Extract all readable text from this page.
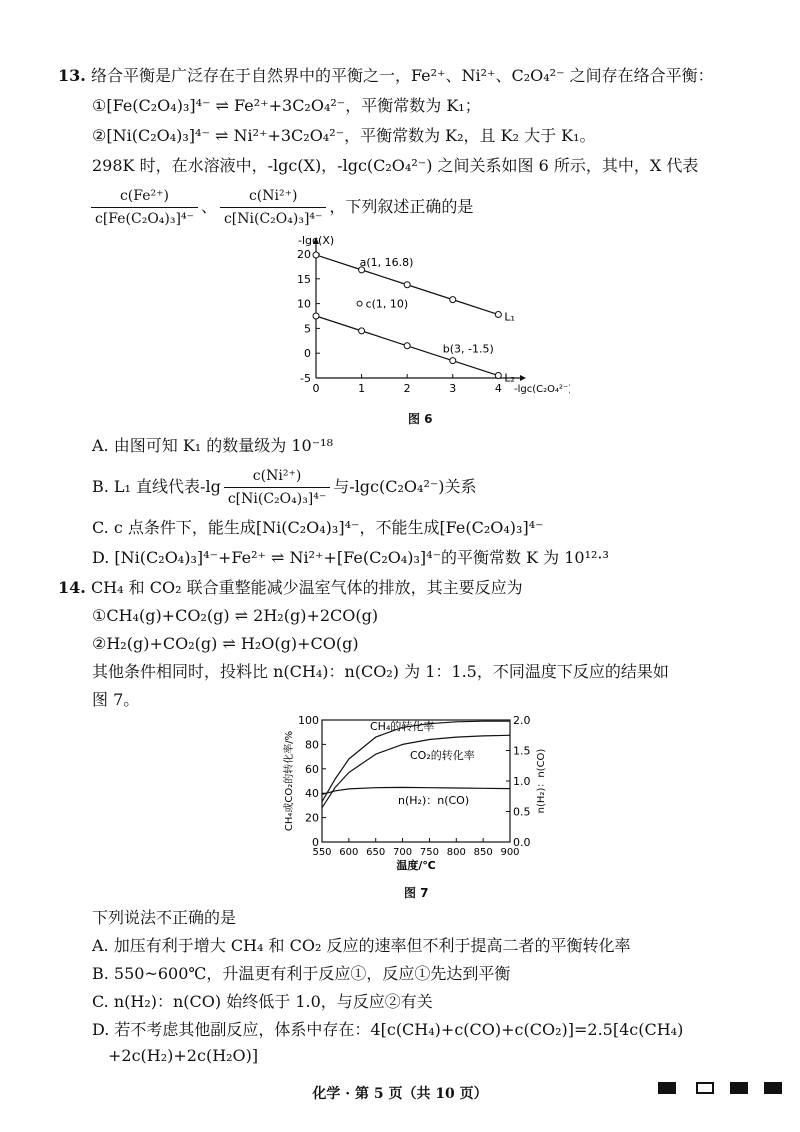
13. 络合平衡是广泛存在于自然界中的平衡之一，Fe²⁺、Ni²⁺、C₂O₄²⁻ 之间存在络合平衡：
①[Fe(C₂O₄)₃]⁴⁻ ⇌ Fe²⁺+3C₂O₄²⁻，平衡常数为 K₁；
②[Ni(C₂O₄)₃]⁴⁻ ⇌ Ni²⁺+3C₂O₄²⁻，平衡常数为 K₂，且 K₂ 大于 K₁。
298K 时，在水溶液中，-lgc(X)，-lgc(C₂O₄²⁻) 之间关系如图 6 所示，其中，X 代表
$\frac{\text{c(Fe²⁺)}}{\text{c[Fe(C₂O₄)₃]⁴⁻}}$ 、 $\frac{\text{c(Ni²⁺)}}{\text{c[Ni(C₂O₄)₃]⁴⁻}}$ ，下列叙述正确的是
-5
0
5
10
15
20
0	1	2	3	4
-lgc(X)
-lgc(C₂O₄²⁻)
L₁
L₂
a(1, 16.8)
c(1, 10)
b(3, -1.5)
图 6
A. 由图可知 K₁ 的数量级为 10⁻¹⁸
B. L₁ 直线代表$-\lg \frac{\text{c(Ni²⁺)}}{\text{c[Ni(C₂O₄)₃]⁴⁻}}$ 与-lgc(C₂O₄²⁻)关系
C. c 点条件下，能生成[Ni(C₂O₄)₃]⁴⁻，不能生成[Fe(C₂O₄)₃]⁴⁻
D. [Ni(C₂O₄)₃]⁴⁻+Fe²⁺ ⇌ Ni²⁺+[Fe(C₂O₄)₃]⁴⁻的平衡常数 K 为 10¹²·³
14. CH₄ 和 CO₂ 联合重整能减少温室气体的排放，其主要反应为
①CH₄(g)+CO₂(g) ⇌ 2H₂(g)+2CO(g)
②H₂(g)+CO₂(g) ⇌ H₂O(g)+CO(g)
其他条件相同时，投料比 n(CH₄)：n(CO₂) 为 1：1.5，不同温度下反应的结果如
图 7。
0
20
40
60
80
100
0.0
0.5
1.0
1.5
2.0
550 600 650 700 750 800 850 900
温度/℃
CH₄或CO₂的转化率/%	n(H₂)：n(CO)
CH₄的转化率
CO₂的转化率
n(H₂)：n(CO)
图 7
下列说法不正确的是
A. 加压有利于增大 CH₄ 和 CO₂ 反应的速率但不利于提高二者的平衡转化率
B. 550~600℃，升温更有利于反应①，反应①先达到平衡
C. n(H₂)：n(CO) 始终低于 1.0，与反应②有关
D. 若不考虑其他副反应，体系中存在：4[c(CH₄)+c(CO)+c(CO₂)]=2.5[4c(CH₄)
+2c(H₂)+2c(H₂O)]
化学 · 第 5 页（共 10 页）
